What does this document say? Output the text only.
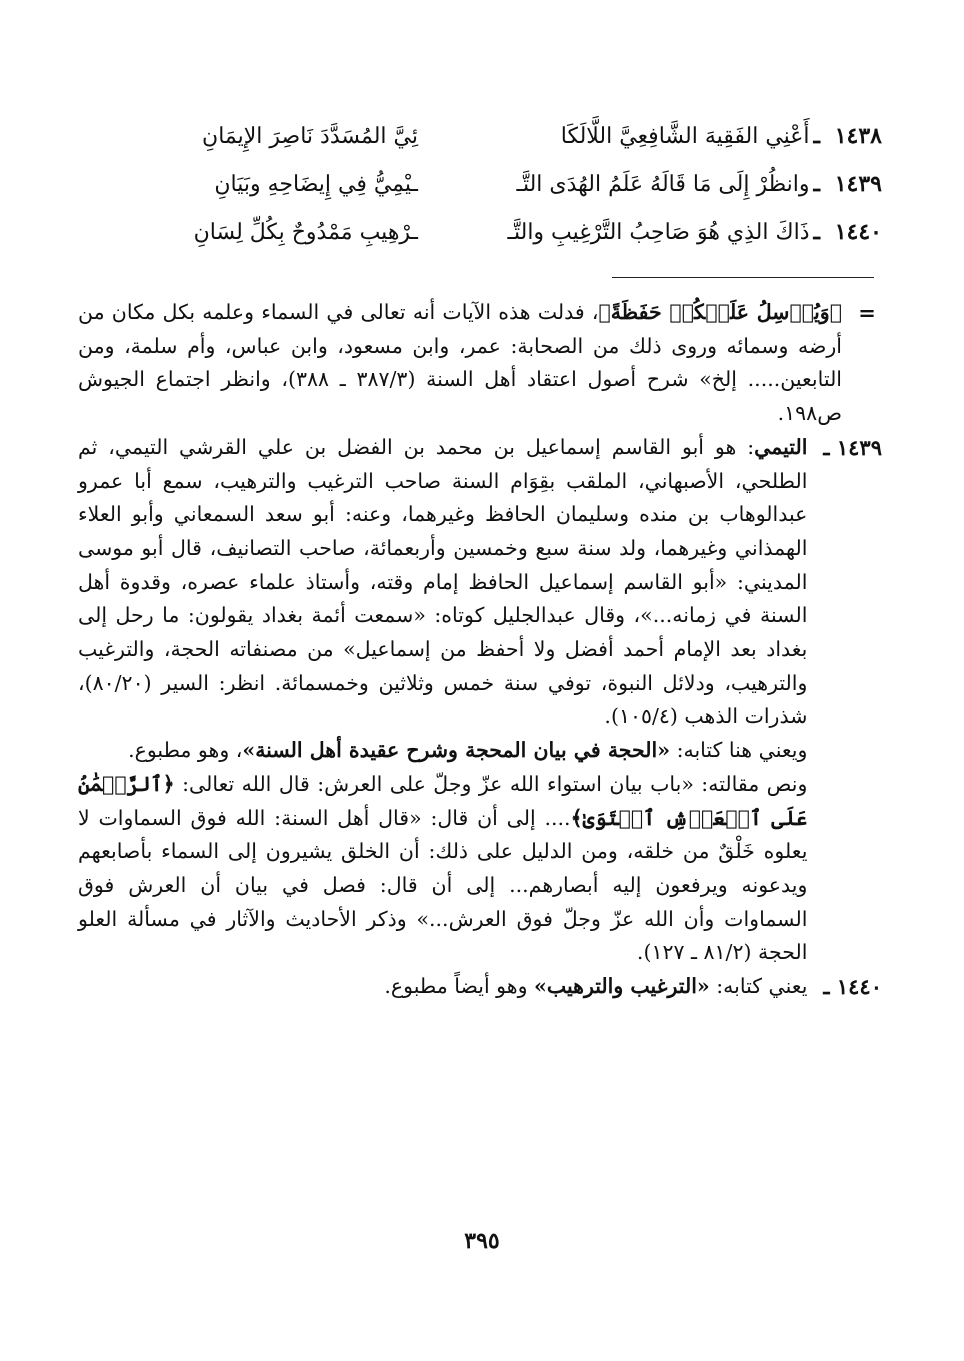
١٤٣٨
ـ
أَعْنِي الفَقِيهَ الشَّافِعِيَّ اللَّالَكَا
ئِيَّ المُسَدَّدَ نَاصِرَ الإِيمَانِ
١٤٣٩
ـ
وانظُرْ إِلَى مَا قَالَهُ عَلَمُ الهُدَى التَّـ
ـيْمِيُّ فِي إِيضَاحِهِ وبَيَانِ
١٤٤٠
ـ
ذَاكَ الذِي هُوَ صَاحِبُ التَّرْغِيبِ والتَّـ
ـرْهِيبِ مَمْدُوحٌ بِكُلِّ لِسَانِ
=

﴿وَيُرۡسِلُ عَلَيۡكُمۡ حَفَظَةً﴾، فدلت هذه الآيات أنه تعالى في السماء وعلمه بكل مكان من أرضه وسمائه وروى ذلك من الصحابة: عمر، وابن مسعود، وابن عباس، وأم سلمة، ومن التابعين..... إلخ» شرح أصول اعتقاد أهل السنة (٣٨٧/٣ ـ ٣٨٨)، وانظر اجتماع الجيوش ص١٩٨.

١٤٣٩ ـ

التيمي: هو أبو القاسم إسماعيل بن محمد بن الفضل بن علي القرشي التيمي، ثم الطلحي، الأصبهاني، الملقب بقِوَام السنة صاحب الترغيب والترهيب، سمع أبا عمرو عبدالوهاب بن منده وسليمان الحافظ وغيرهما، وعنه: أبو سعد السمعاني وأبو العلاء الهمذاني وغيرهما، ولد سنة سبع وخمسين وأربعمائة، صاحب التصانيف، قال أبو موسى المديني: «أبو القاسم إسماعيل الحافظ إمام وقته، وأستاذ علماء عصره، وقدوة أهل السنة في زمانه...»، وقال عبدالجليل كوتاه: «سمعت أئمة بغداد يقولون: ما رحل إلى بغداد بعد الإمام أحمد أفضل ولا أحفظ من إسماعيل» من مصنفاته الحجة، والترغيب والترهيب، ودلائل النبوة، توفي سنة خمس وثلاثين وخمسمائة. انظر: السير (٨٠/٢٠)، شذرات الذهب (١٠٥/٤).

ويعني هنا كتابه: «الحجة في بيان المحجة وشرح عقيدة أهل السنة»، وهو مطبوع.

ونص مقالته: «باب بيان استواء الله عزّ وجلّ على العرش: قال الله تعالى: ﴿ٱلرَّحۡمَٰنُ عَلَى ٱلۡعَرۡشِ ٱسۡتَوَىٰ﴾.... إلى أن قال: «قال أهل السنة: الله فوق السماوات لا يعلوه خَلْقٌ من خلقه، ومن الدليل على ذلك: أن الخلق يشيرون إلى السماء بأصابعهم ويدعونه ويرفعون إليه أبصارهم... إلى أن قال: فصل في بيان أن العرش فوق السماوات وأن الله عزّ وجلّ فوق العرش...» وذكر الأحاديث والآثار في مسألة العلو الحجة (٨١/٢ ـ ١٢٧).

١٤٤٠ ـ

يعني كتابه: «الترغيب والترهيب» وهو أيضاً مطبوع.

٣٩٥
